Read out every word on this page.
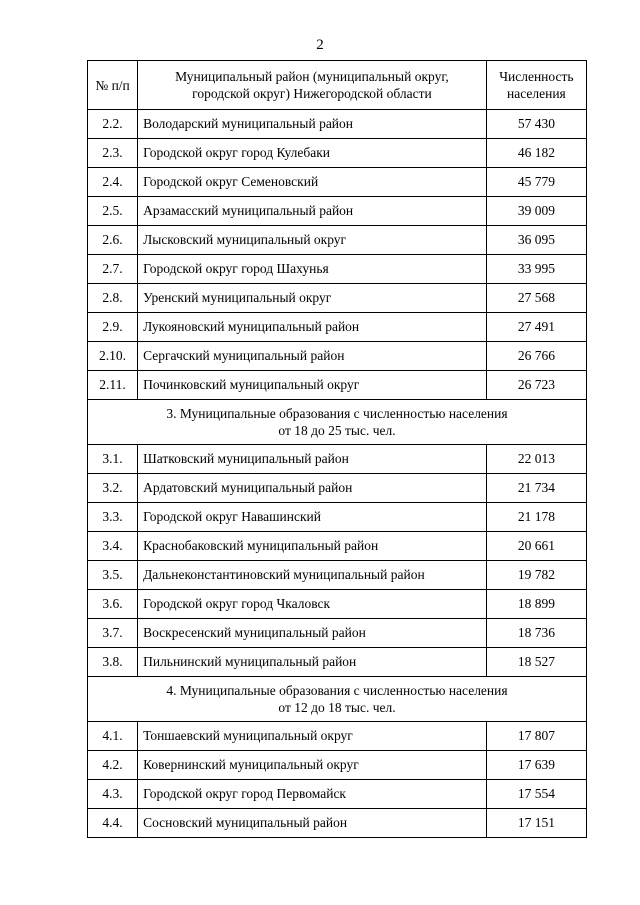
2
№ п/п	Муниципальный район (муниципальный округ,
городской округ) Нижегородской области	Численность
населения
2.2.	Володарский муниципальный район	57 430
2.3.	Городской округ город Кулебаки	46 182
2.4.	Городской округ Семеновский	45 779
2.5.	Арзамасский муниципальный район	39 009
2.6.	Лысковский муниципальный округ	36 095
2.7.	Городской округ город Шахунья	33 995
2.8.	Уренский муниципальный округ	27 568
2.9.	Лукояновский муниципальный район	27 491
2.10.	Сергачский муниципальный район	26 766
2.11.	Починковский муниципальный округ	26 723
3. Муниципальные образования с численностью населения
от 18 до 25 тыс. чел.		
3.1.	Шатковский муниципальный район	22 013
3.2.	Ардатовский муниципальный район	21 734
3.3.	Городской округ Навашинский	21 178
3.4.	Краснобаковский муниципальный район	20 661
3.5.	Дальнеконстантиновский муниципальный район	19 782
3.6.	Городской округ город Чкаловск	18 899
3.7.	Воскресенский муниципальный район	18 736
3.8.	Пильнинский муниципальный район	18 527
4. Муниципальные образования с численностью населения
от 12 до 18 тыс. чел.		
4.1.	Тоншаевский муниципальный округ	17 807
4.2.	Ковернинский муниципальный округ	17 639
4.3.	Городской округ город Первомайск	17 554
4.4.	Сосновский муниципальный район	17 151
